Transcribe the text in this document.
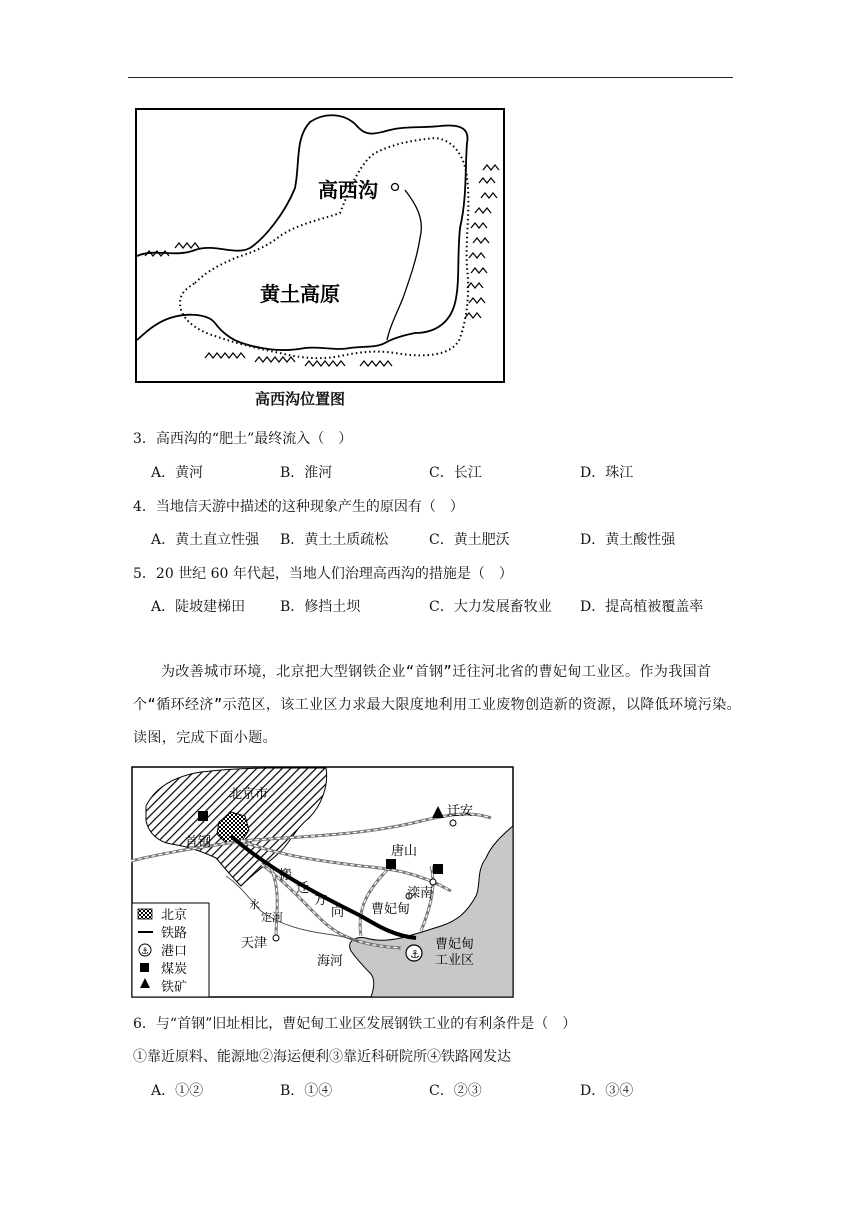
高西沟
黄土高原
高西沟位置图
3．高西沟的“肥土”最终流入（　）
A．黄河	B．淮河	C．长江	D．珠江
4．当地信天游中描述的这种现象产生的原因有（　）
A．黄土直立性强 B．黄土土质疏松	C．黄土肥沃	D．黄土酸性强
5．20 世纪 60 年代起，当地人们治理高西沟的措施是（　）
A．陡坡建梯田 B．修挡土坝	C．大力发展畜牧业 D．提高植被覆盖率
为改善城市环境，北京把大型钢铁企业“首钢”迁往河北省的曹妃甸工业区。作为我国首个“循环经济”示范区，该工业区力求最大限度地利用工业废物创造新的资源，以降低环境污染。读图，完成下面小题。
⚓
北京市
首钢
迁安
唐山
滦南
曹妃甸
天津
海河
曹妃甸
工业区
搬
迁
方
向
永
定河
⚓
北京
铁路
港口
煤炭
铁矿
6．与“首钢”旧址相比，曹妃甸工业区发展钢铁工业的有利条件是（　）
①靠近原料、能源地②海运便利③靠近科研院所④铁路网发达
A．①②	B．①④	C．②③	D．③④
